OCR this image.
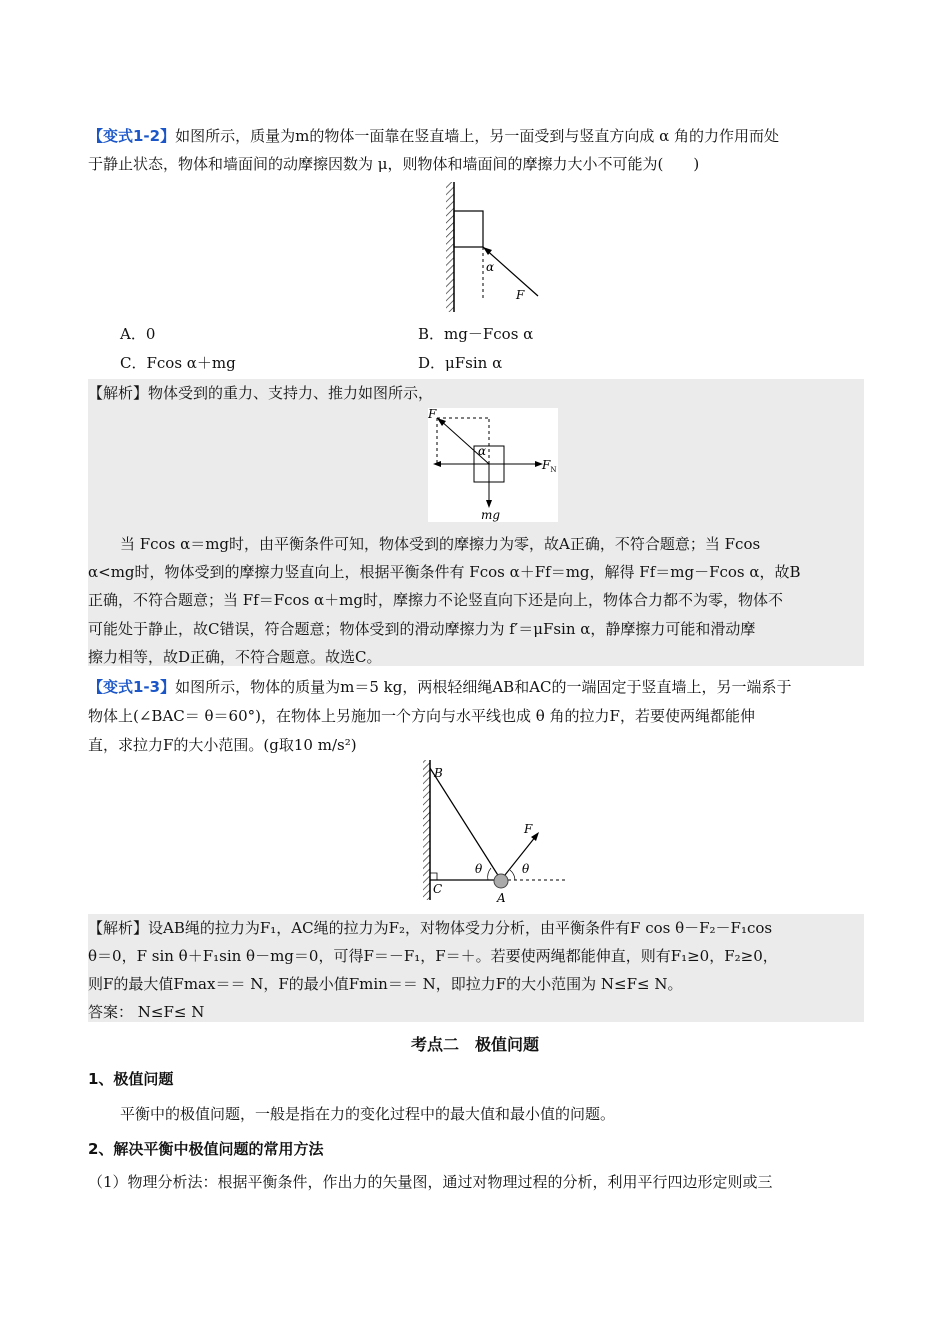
【变式1-2】如图所示，质量为m的物体一面靠在竖直墙上，另一面受到与竖直方向成 α 角的力作用而处
于静止状态，物体和墙面间的动摩擦因数为 μ，则物体和墙面间的摩擦力大小不可能为(　　)
α
F
A．0	B．mg－Fcos α
C．Fcos α＋mg	D．μFsin α
【解析】物体受到的重力、支持力、推力如图所示，
F
α
$F_N$
mg
当 Fcos α＝mg时，由平衡条件可知，物体受到的摩擦力为零，故A正确，不符合题意；当 Fcos
α<mg时，物体受到的摩擦力竖直向上，根据平衡条件有 Fcos α＋Ff＝mg，解得 Ff＝mg－Fcos α，故B
正确，不符合题意；当 Ff＝Fcos α＋mg时，摩擦力不论竖直向下还是向上，物体合力都不为零，物体不
可能处于静止，故C错误，符合题意；物体受到的滑动摩擦力为 f′＝μFsin α，静摩擦力可能和滑动摩
擦力相等，故D正确，不符合题意。故选C。
【变式1-3】如图所示，物体的质量为m＝5 kg，两根轻细绳AB和AC的一端固定于竖直墙上，另一端系于
物体上(∠BAC＝ θ＝60°)，在物体上另施加一个方向与水平线也成 θ 角的拉力F，若要使两绳都能伸
直，求拉力F的大小范围。(g取10 m/s²)
B
C
A
F
θ	θ
【解析】设AB绳的拉力为F₁，AC绳的拉力为F₂，对物体受力分析，由平衡条件有F cos θ－F₂－F₁cos
θ＝0，F sin θ＋F₁sin θ－mg＝0，可得F＝－F₁，F＝＋。若要使两绳都能伸直，则有F₁≥0，F₂≥0，
则F的最大值Fmax＝＝ N，F的最小值Fmin＝＝ N，即拉力F的大小范围为 N≤F≤ N。
答案： N≤F≤ N
考点二　极值问题
1、极值问题
平衡中的极值问题，一般是指在力的变化过程中的最大值和最小值的问题。
2、解决平衡中极值问题的常用方法
（1）物理分析法：根据平衡条件，作出力的矢量图，通过对物理过程的分析，利用平行四边形定则或三
